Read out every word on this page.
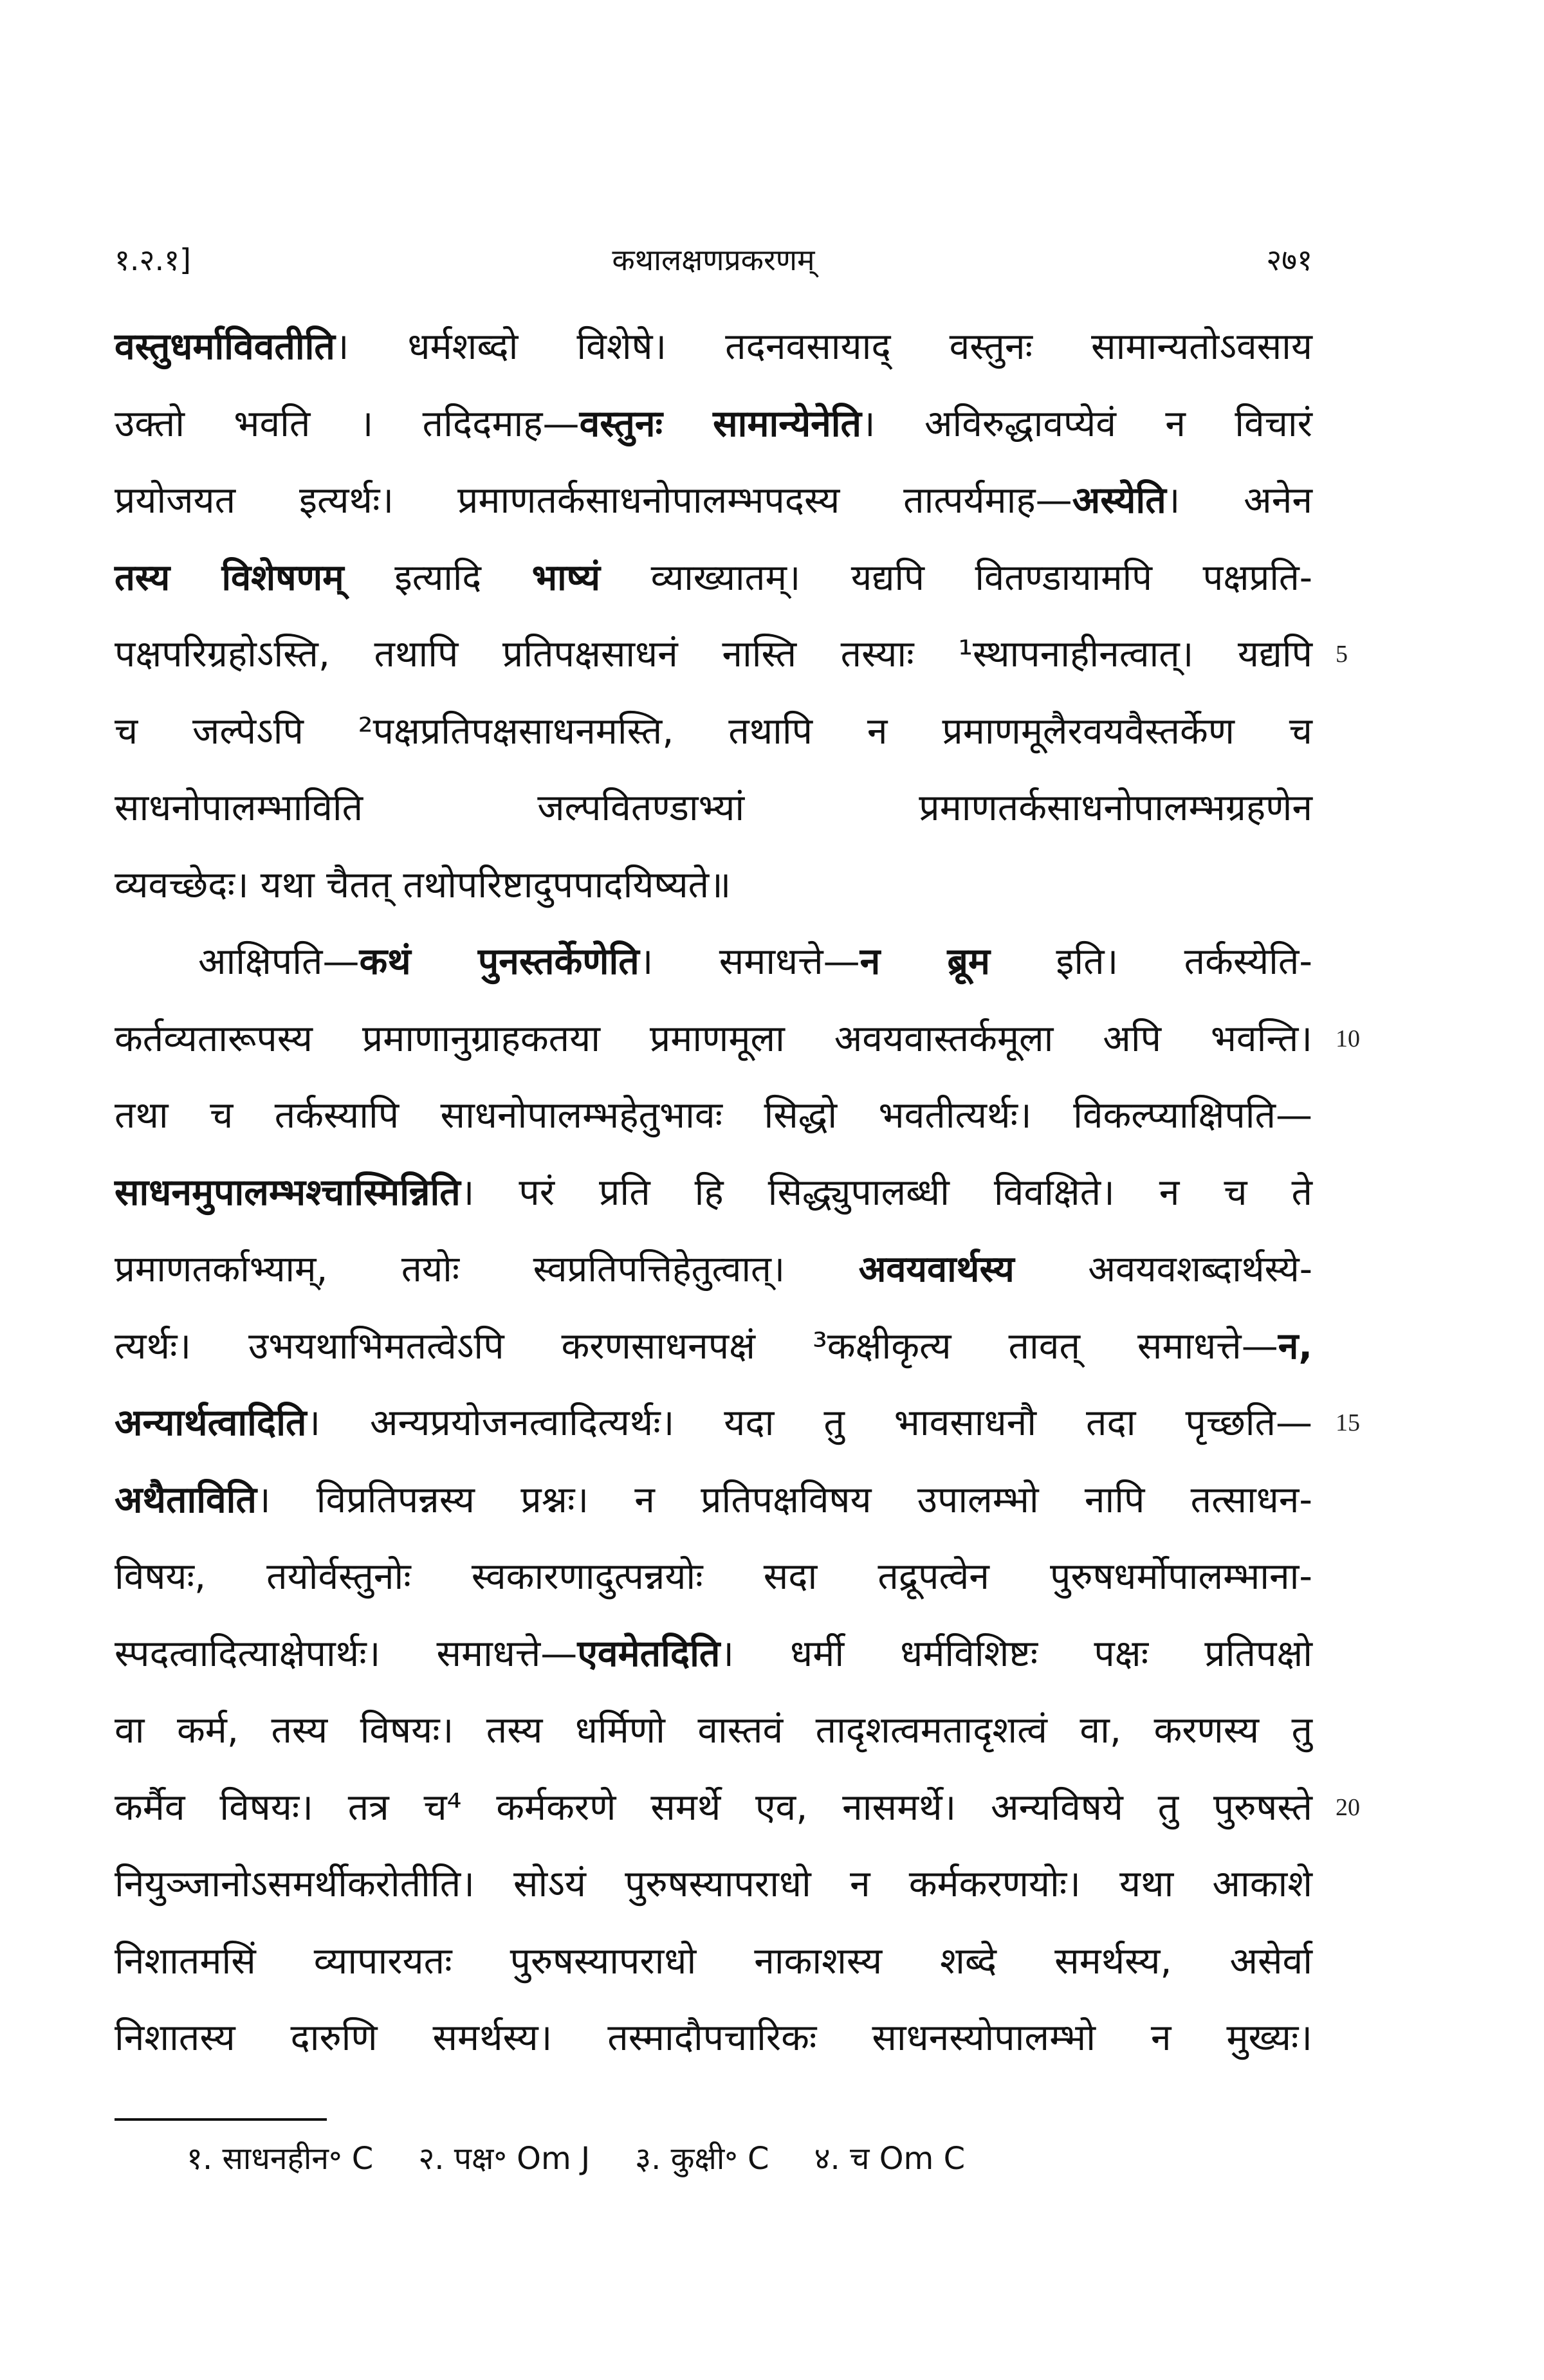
१.२.१]	कथालक्षणप्रकरणम्	२७१
वस्तुधर्माविवतीति। धर्मशब्दो विशेषे। तदनवसायाद् वस्तुनः सामान्यतोऽवसाय
उक्तो भवति । तदिदमाह—वस्तुनः सामान्येनेति। अविरुद्धावप्येवं न विचारं
प्रयोजयत इत्यर्थः। प्रमाणतर्कसाधनोपालम्भपदस्य तात्पर्यमाह—अस्येति। अनेन
तस्य विशेषणम् इत्यादि भाष्यं व्याख्यातम्। यद्यपि वितण्डायामपि पक्षप्रति-
पक्षपरिग्रहोऽस्ति, तथापि प्रतिपक्षसाधनं नास्ति तस्याः ¹स्थापनाहीनत्वात्। यद्यपि 5
च जल्पेऽपि ²पक्षप्रतिपक्षसाधनमस्ति, तथापि न प्रमाणमूलैरवयवैस्तर्केण च
साधनोपालम्भाविति जल्पवितण्डाभ्यां प्रमाणतर्कसाधनोपालम्भग्रहणेन
व्यवच्छेदः। यथा चैतत् तथोपरिष्टादुपपादयिष्यते॥
आक्षिपति—कथं पुनस्तर्केणेति। समाधत्ते—न ब्रूम इति। तर्कस्येति-
कर्तव्यतारूपस्य प्रमाणानुग्राहकतया प्रमाणमूला अवयवास्तर्कमूला अपि भवन्ति। 10
तथा च तर्कस्यापि साधनोपालम्भहेतुभावः सिद्धो भवतीत्यर्थः। विकल्प्याक्षिपति—
साधनमुपालम्भश्चास्मिन्निति। परं प्रति हि सिद्ध्युपालब्धी विवक्षिते। न च ते
प्रमाणतर्काभ्याम्, तयोः स्वप्रतिपत्तिहेतुत्वात्। अवयवार्थस्य अवयवशब्दार्थस्ये-
त्यर्थः। उभयथाभिमतत्वेऽपि करणसाधनपक्षं ³कक्षीकृत्य तावत् समाधत्ते—न,
अन्यार्थत्वादिति। अन्यप्रयोजनत्वादित्यर्थः। यदा तु भावसाधनौ तदा पृच्छति— 15
अथैताविति। विप्रतिपन्नस्य प्रश्नः। न प्रतिपक्षविषय उपालम्भो नापि तत्साधन-
विषयः, तयोर्वस्तुनोः स्वकारणादुत्पन्नयोः सदा तद्रूपत्वेन पुरुषधर्मोपालम्भाना-
स्पदत्वादित्याक्षेपार्थः। समाधत्ते—एवमेतदिति। धर्मी धर्मविशिष्टः पक्षः प्रतिपक्षो
वा कर्म, तस्य विषयः। तस्य धर्मिणो वास्तवं तादृशत्वमतादृशत्वं वा, करणस्य तु
कर्मैव विषयः। तत्र च⁴ कर्मकरणे समर्थे एव, नासमर्थे। अन्यविषये तु पुरुषस्ते 20
नियुञ्जानोऽसमर्थीकरोतीति। सोऽयं पुरुषस्यापराधो न कर्मकरणयोः। यथा आकाशे
निशातमसिं व्यापारयतः पुरुषस्यापराधो नाकाशस्य शब्दे समर्थस्य, असेर्वा
निशातस्य दारुणि समर्थस्य। तस्मादौपचारिकः साधनस्योपालम्भो न मुख्यः।
१. साधनहीन॰ C २. पक्ष॰ Om J ३. कुक्षी॰ C ४. च Om C
